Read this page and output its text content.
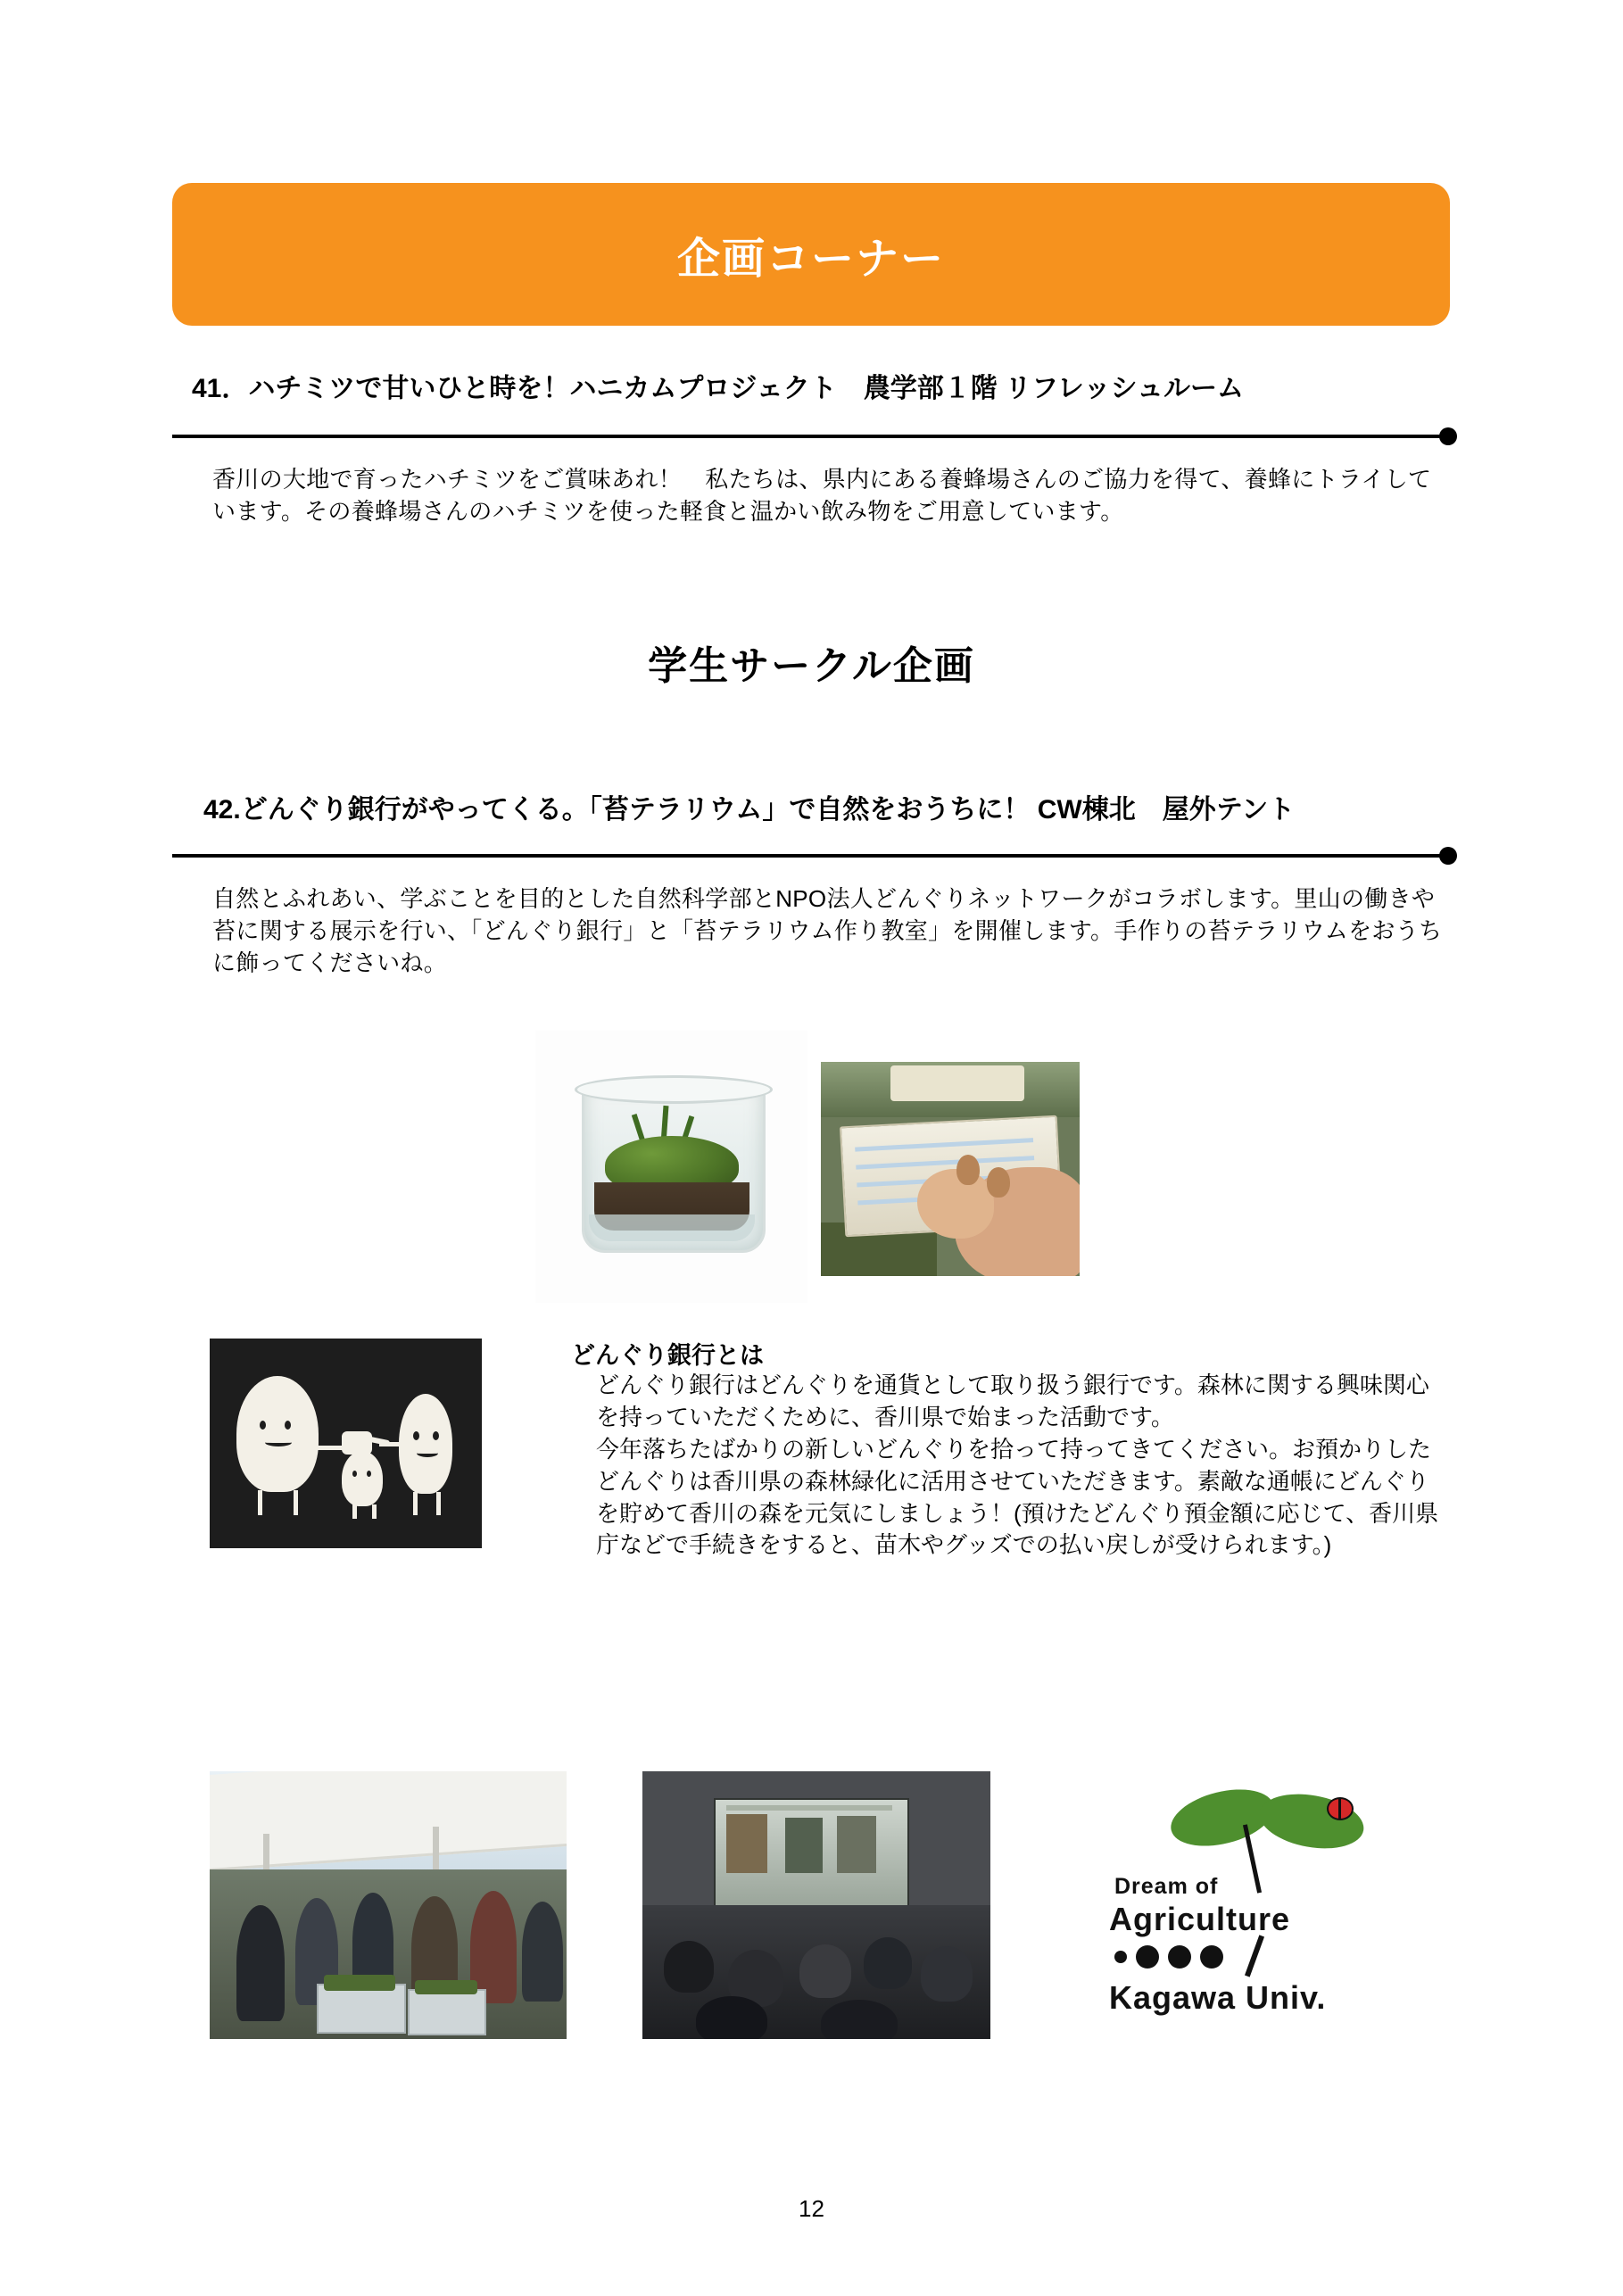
企画コーナー
41．ハチミツで甘いひと時を！ハニカムプロジェクト　農学部１階 リフレッシュルーム
香川の大地で育ったハチミツをご賞味あれ！　私たちは、県内にある養蜂場さんのご協力を得て、養蜂にトライしています。その養蜂場さんのハチミツを使った軽食と温かい飲み物をご用意しています。
学生サークル企画
42.どんぐり銀行がやってくる。「苔テラリウム」で自然をおうちに！ CW棟北　屋外テント
自然とふれあい、学ぶことを目的とした自然科学部とNPO法人どんぐりネットワークがコラボします。里山の働きや苔に関する展示を行い、「どんぐり銀行」と「苔テラリウム作り教室」を開催します。手作りの苔テラリウムをおうちに飾ってくださいね。
どんぐり銀行とは
どんぐり銀行はどんぐりを通貨として取り扱う銀行です。森林に関する興味関心を持っていただくために、香川県で始まった活動です。 今年落ちたばかりの新しいどんぐりを拾って持ってきてください。お預かりしたどんぐりは香川県の森林緑化に活用させていただきます。素敵な通帳にどんぐりを貯めて香川の森を元気にしましょう！(預けたどんぐり預金額に応じて、香川県庁などで手続きをすると、苗木やグッズでの払い戻しが受けられます。)
Dream of
Agriculture
Kagawa Univ.
12
